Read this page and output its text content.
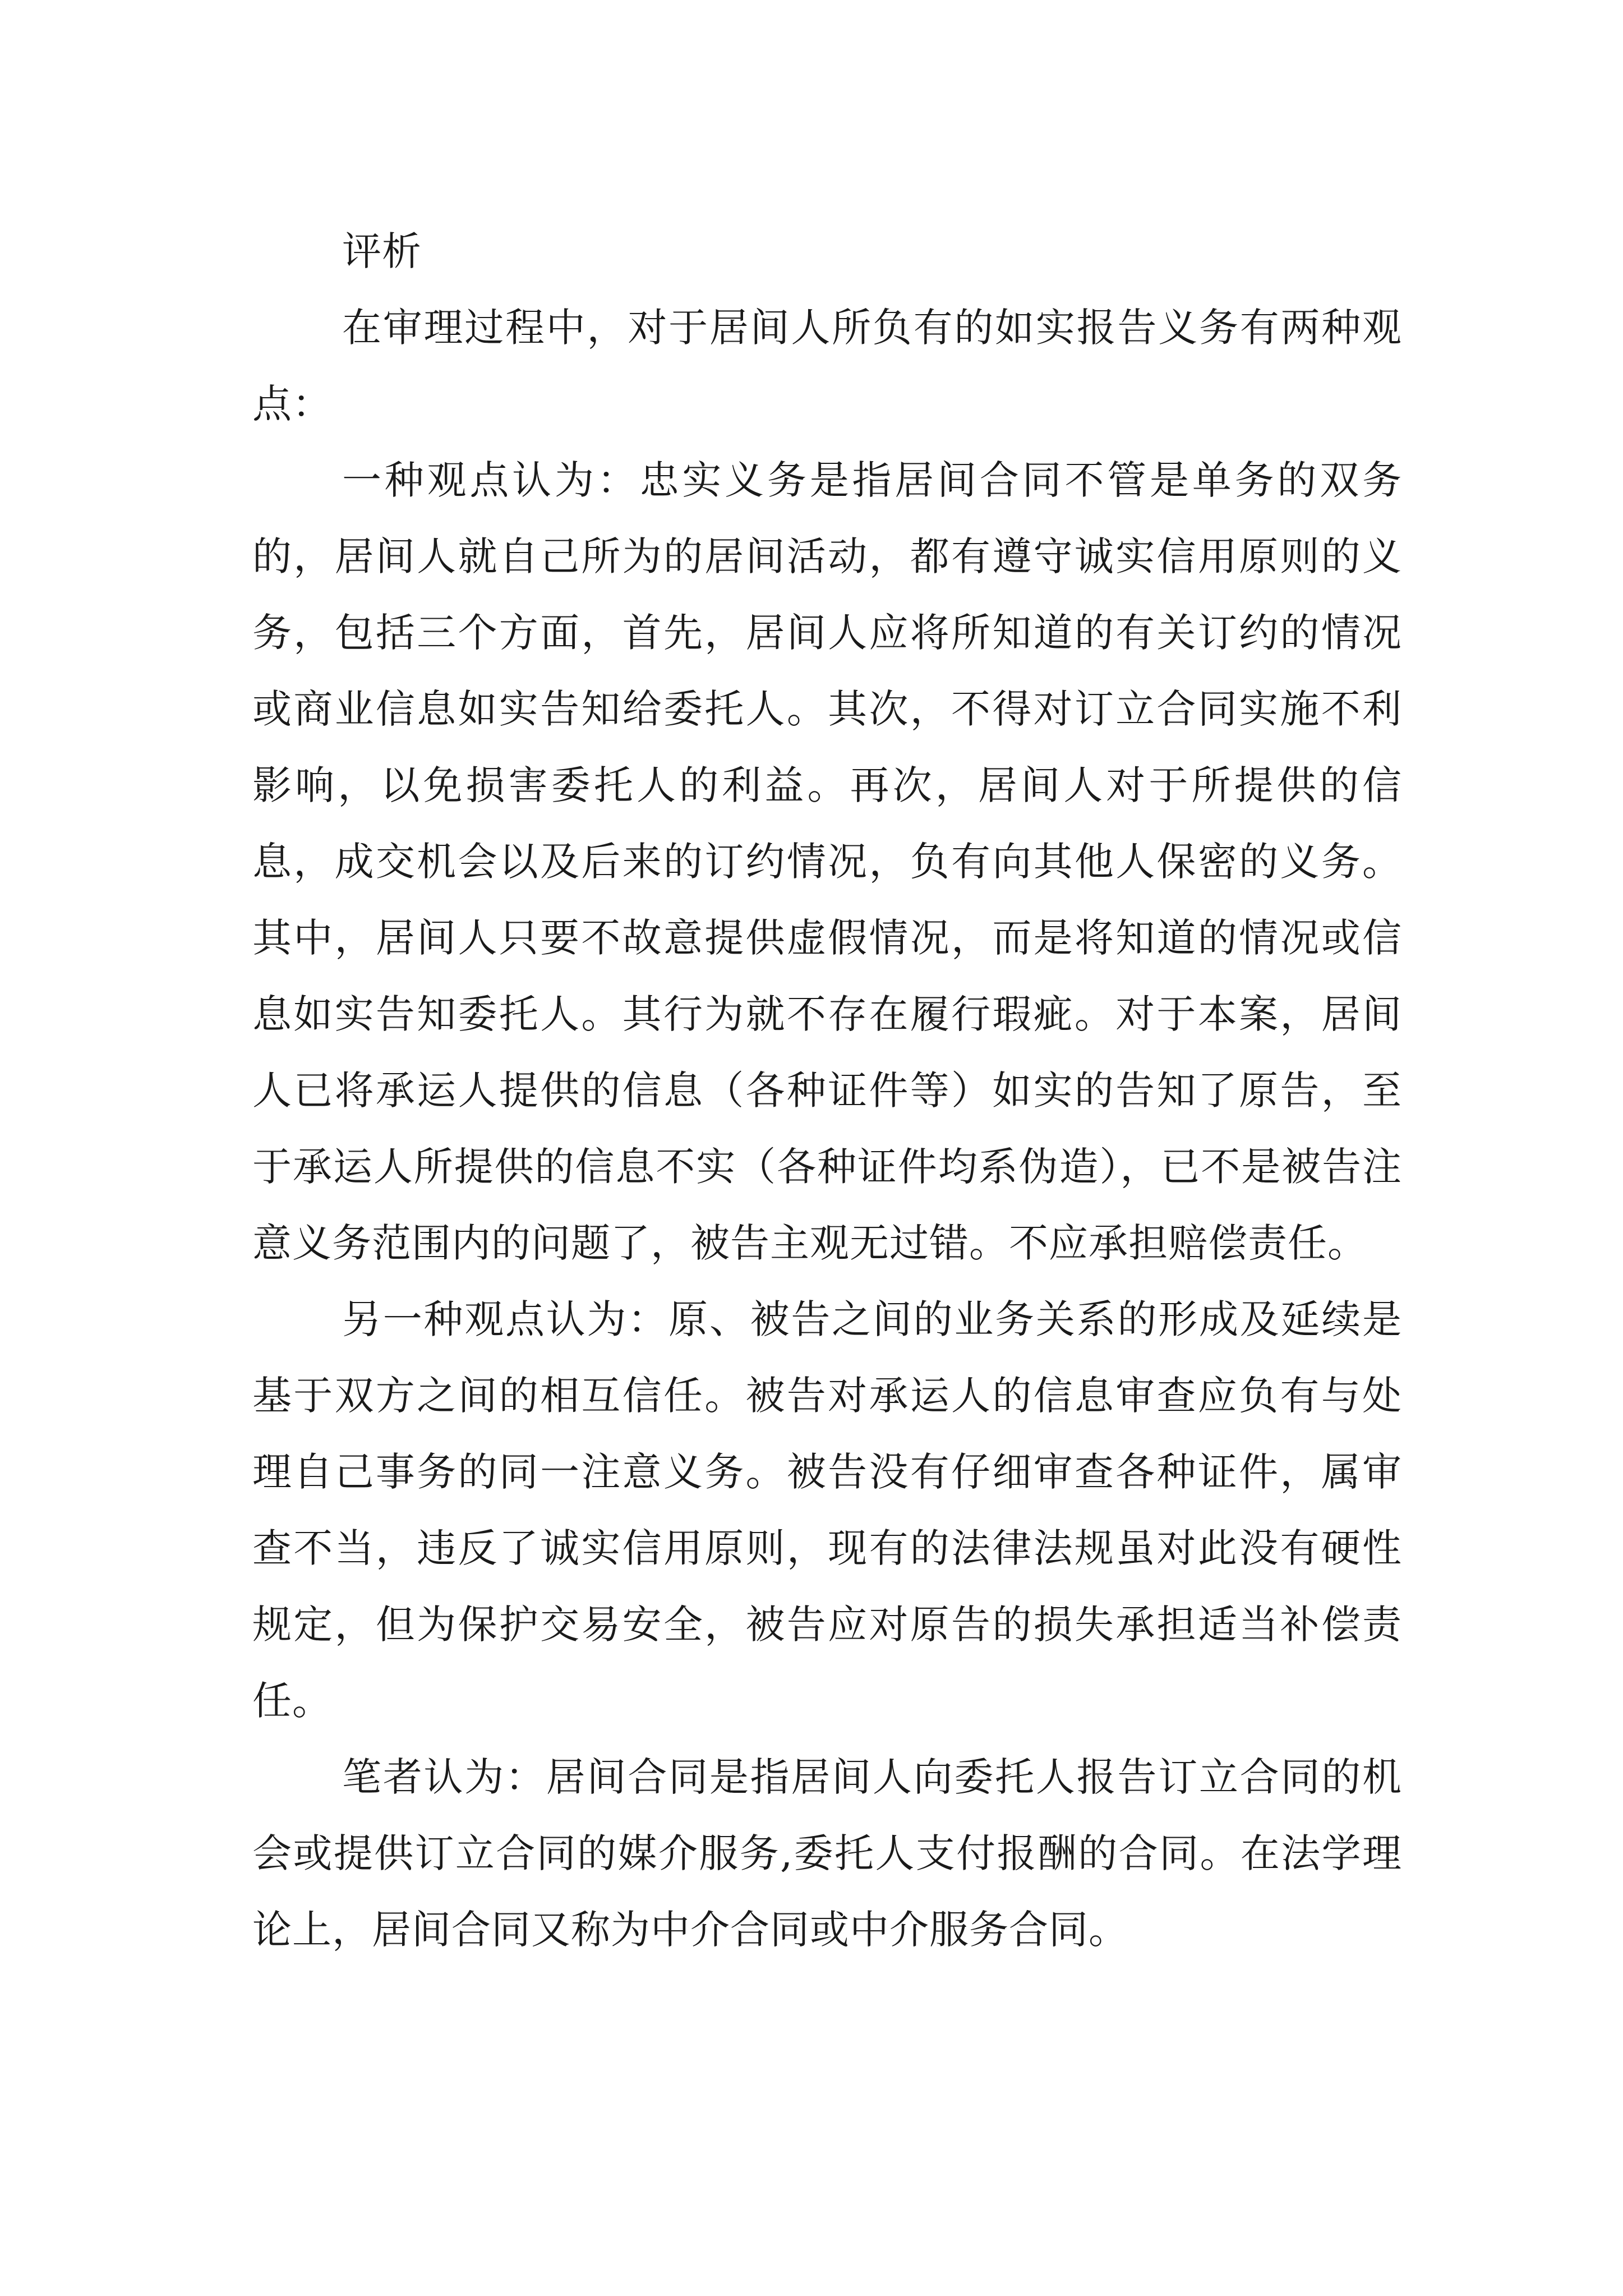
评析

在审理过程中，对于居间人所负有的如实报告义务有两种观点：

一种观点认为：忠实义务是指居间合同不管是单务的双务的，居间人就自己所为的居间活动，都有遵守诚实信用原则的义务，包括三个方面，首先，居间人应将所知道的有关订约的情况或商业信息如实告知给委托人。其次，不得对订立合同实施不利影响，以免损害委托人的利益。再次，居间人对于所提供的信息，成交机会以及后来的订约情况，负有向其他人保密的义务。其中，居间人只要不故意提供虚假情况，而是将知道的情况或信息如实告知委托人。其行为就不存在履行瑕疵。对于本案，居间人已将承运人提供的信息（各种证件等）如实的告知了原告，至于承运人所提供的信息不实（各种证件均系伪造），已不是被告注意义务范围内的问题了，被告主观无过错。不应承担赔偿责任。

另一种观点认为：原、被告之间的业务关系的形成及延续是基于双方之间的相互信任。被告对承运人的信息审查应负有与处理自己事务的同一注意义务。被告没有仔细审查各种证件，属审查不当，违反了诚实信用原则，现有的法律法规虽对此没有硬性规定，但为保护交易安全，被告应对原告的损失承担适当补偿责任。

笔者认为：居间合同是指居间人向委托人报告订立合同的机会或提供订立合同的媒介服务,委托人支付报酬的合同。在法学理论上，居间合同又称为中介合同或中介服务合同。
